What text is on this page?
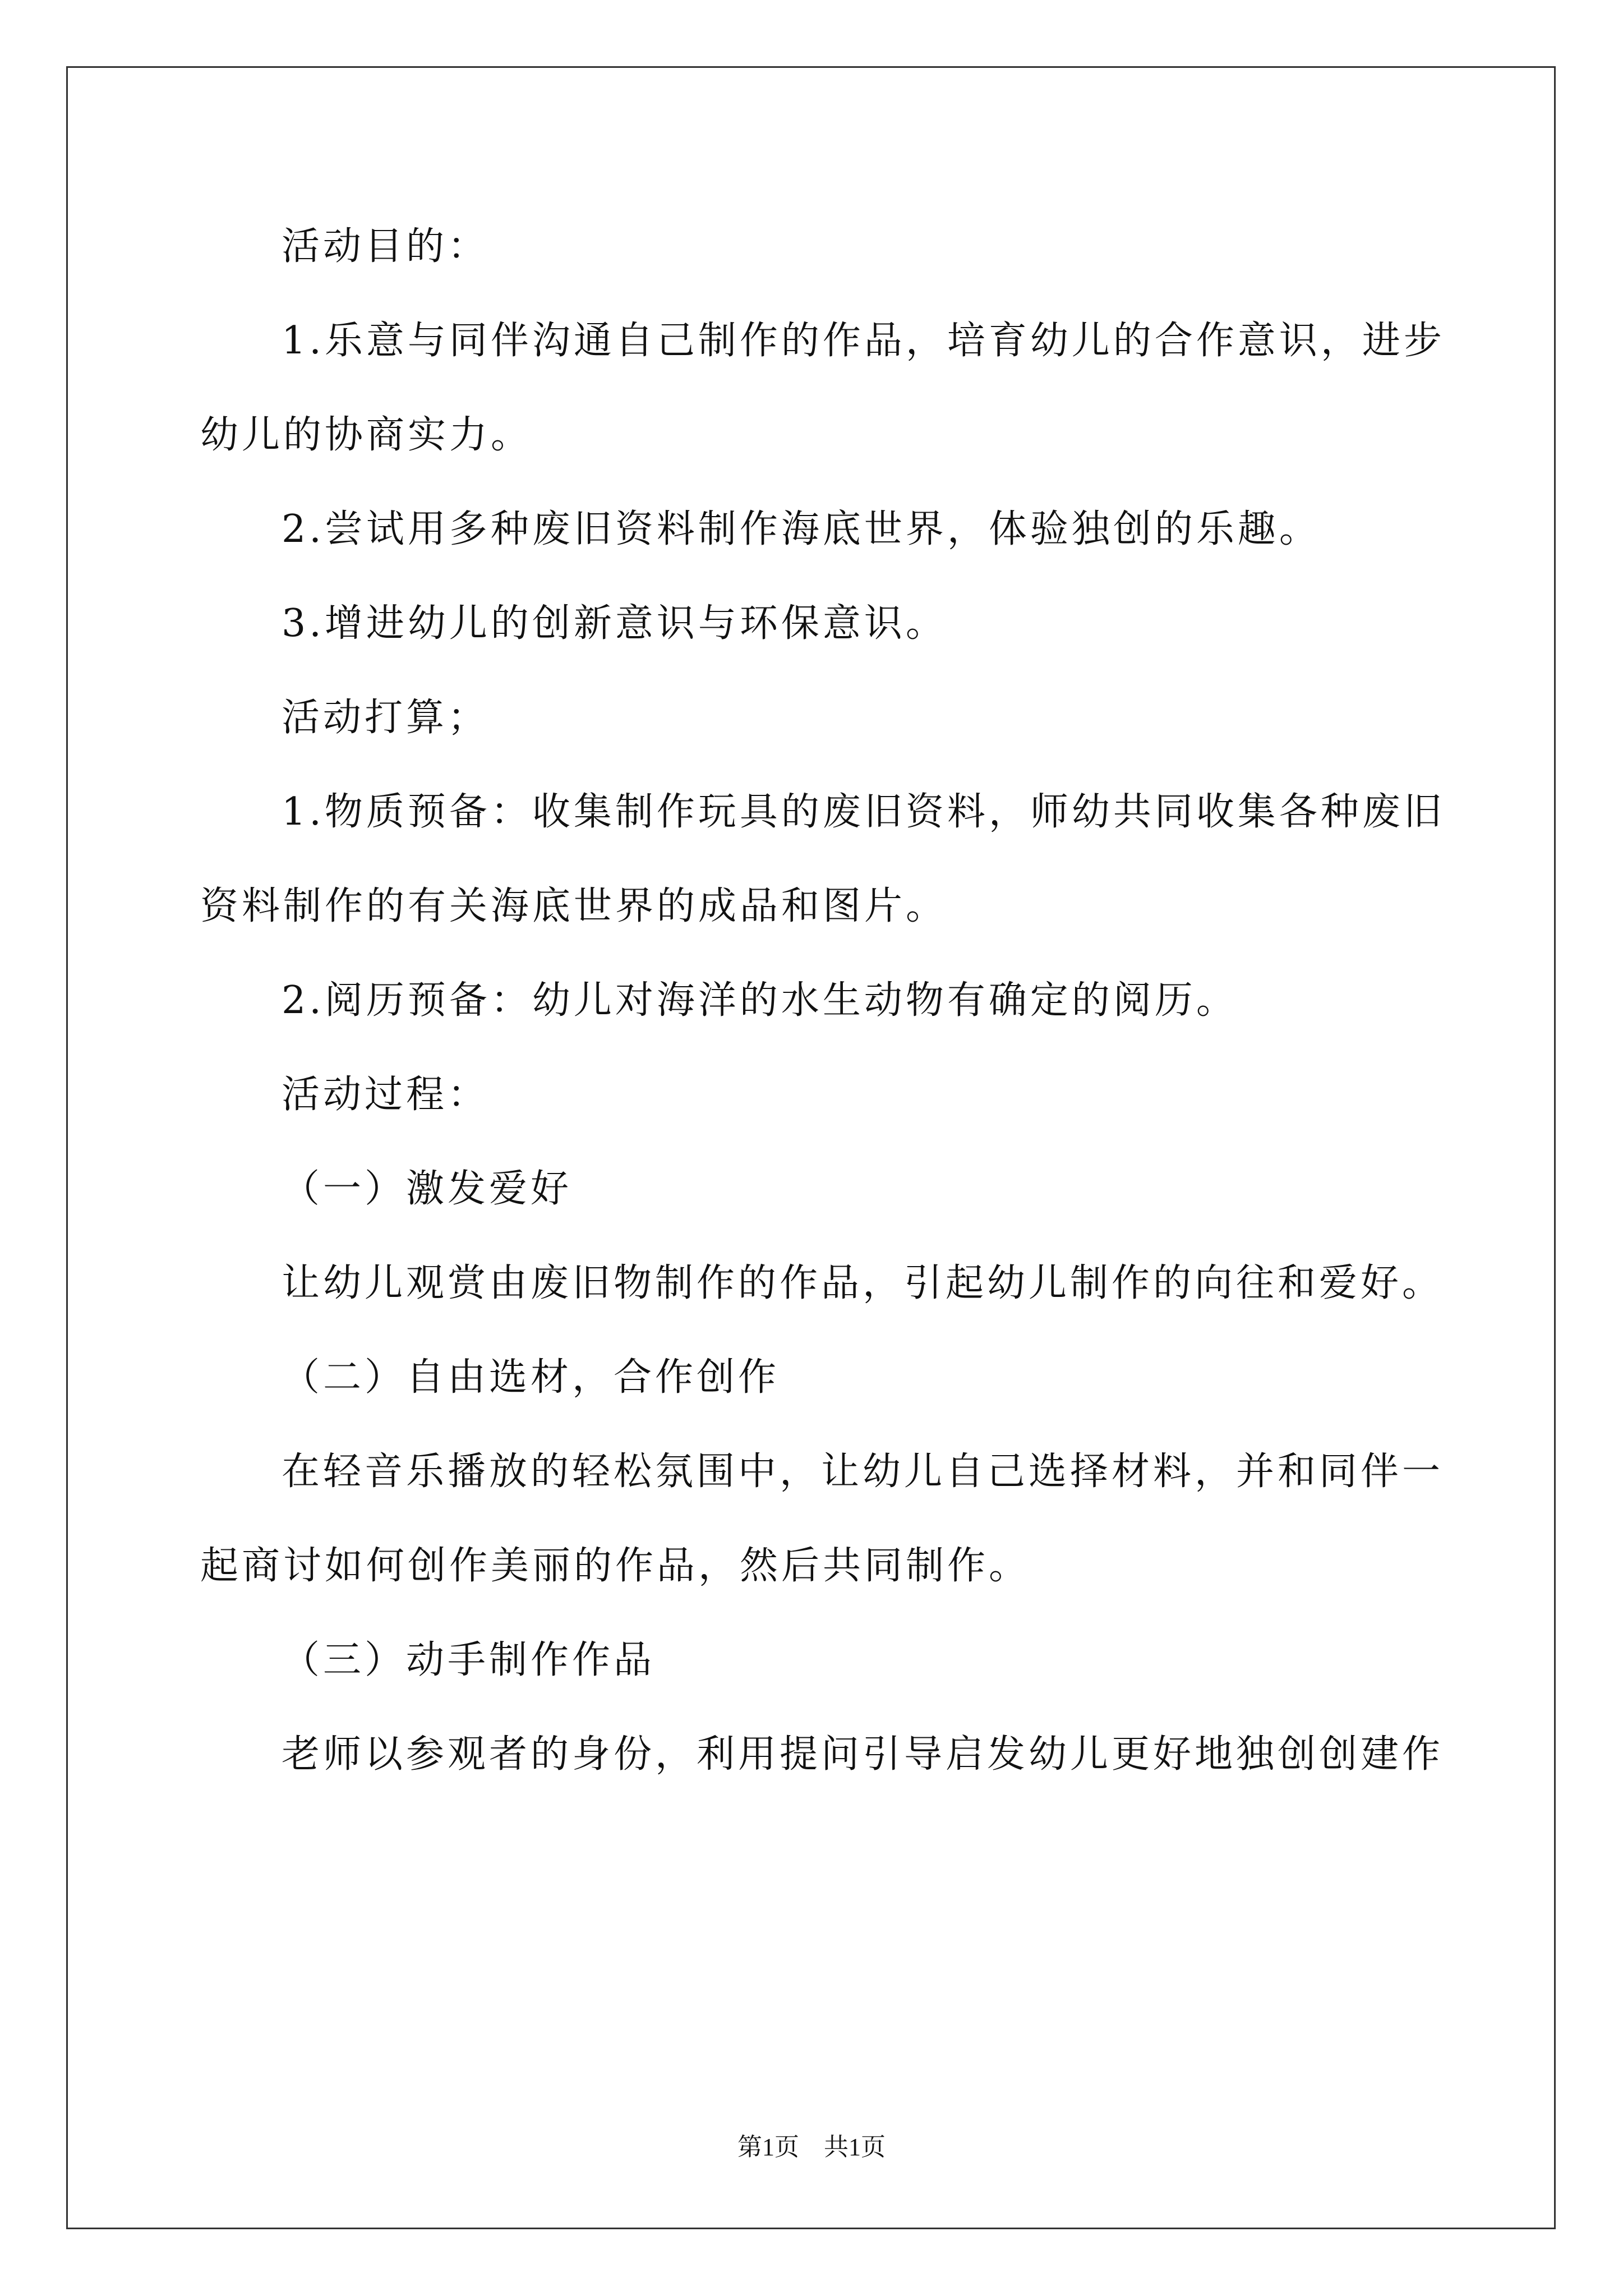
活动目的：
1.乐意与同伴沟通自己制作的作品，培育幼儿的合作意识，进步
幼儿的协商实力。
2.尝试用多种废旧资料制作海底世界，体验独创的乐趣。
3.增进幼儿的创新意识与环保意识。
活动打算；
1.物质预备：收集制作玩具的废旧资料，师幼共同收集各种废旧
资料制作的有关海底世界的成品和图片。
2.阅历预备：幼儿对海洋的水生动物有确定的阅历。
活动过程：
（一）激发爱好
让幼儿观赏由废旧物制作的作品，引起幼儿制作的向往和爱好。
（二）自由选材，合作创作
在轻音乐播放的轻松氛围中，让幼儿自己选择材料，并和同伴一
起商讨如何创作美丽的作品，然后共同制作。
（三）动手制作作品
老师以参观者的身份，利用提问引导启发幼儿更好地独创创建作
第1页　共1页
